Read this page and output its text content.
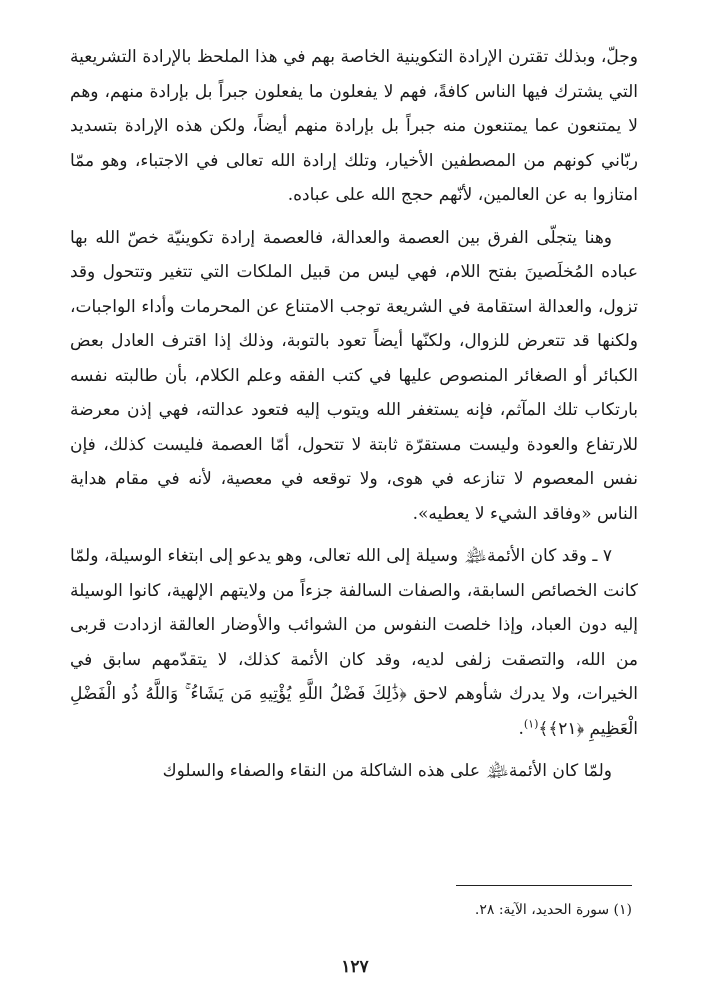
وجلّ، وبذلك تقترن الإرادة التكوينية الخاصة بهم في هذا الملحظ بالإرادة التشريعية التي يشترك فيها الناس كافةً، فهم لا يفعلون ما يفعلون جبراً بل بإرادة منهم، وهم لا يمتنعون عما يمتنعون منه جبراً بل بإرادة منهم أيضاً، ولكن هذه الإرادة بتسديد ربّاني كونهم من المصطفين الأخيار، وتلك إرادة الله تعالى في الاجتباء، وهو ممّا امتازوا به عن العالمين، لأنّهم حجج الله على عباده.

وهنا يتجلّى الفرق بين العصمة والعدالة، فالعصمة إرادة تكوينيّة خصّ الله بها عباده المُخلَصينَ بفتح اللام، فهي ليس من قبيل الملكات التي تتغير وتتحول وقد تزول، والعدالة استقامة في الشريعة توجب الامتناع عن المحرمات وأداء الواجبات، ولكنها قد تتعرض للزوال، ولكنّها أيضاً تعود بالتوبة، وذلك إذا اقترف العادل بعض الكبائر أو الصغائر المنصوص عليها في كتب الفقه وعلم الكلام، بأن طالبته نفسه بارتكاب تلك المآثم، فإنه يستغفر الله ويتوب إليه فتعود عدالته، فهي إذن معرضة للارتفاع والعودة وليست مستقرّة ثابتة لا تتحول، أمّا العصمة فليست كذلك، فإن نفس المعصوم لا تنازعه في هوى، ولا توقعه في معصية، لأنه في مقام هداية الناس «وفاقد الشيء لا يعطيه».

٧ ـ وقد كان الأئمة﵈ وسيلة إلى الله تعالى، وهو يدعو إلى ابتغاء الوسيلة، ولمّا كانت الخصائص السابقة، والصفات السالفة جزءاً من ولايتهم الإلهية، كانوا الوسيلة إليه دون العباد، وإذا خلصت النفوس من الشوائب والأوضار العالقة ازدادت قربى من الله، والتصقت زلفى لديه، وقد كان الأئمة كذلك، لا يتقدّمهم سابق في الخيرات، ولا يدرك شأوهم لاحق ﴿ذَٰلِكَ فَضْلُ اللَّهِ يُؤْتِيهِ مَن يَشَاءُ ۚ وَاللَّهُ ذُو الْفَضْلِ الْعَظِيمِ ﴿٢١﴾﴾$^{(١)}$.

ولمّا كان الأئمة﵈ على هذه الشاكلة من النقاء والصفاء والسلوك

(١) سورة الحديد، الآية: ٢٨.
١٢٧
